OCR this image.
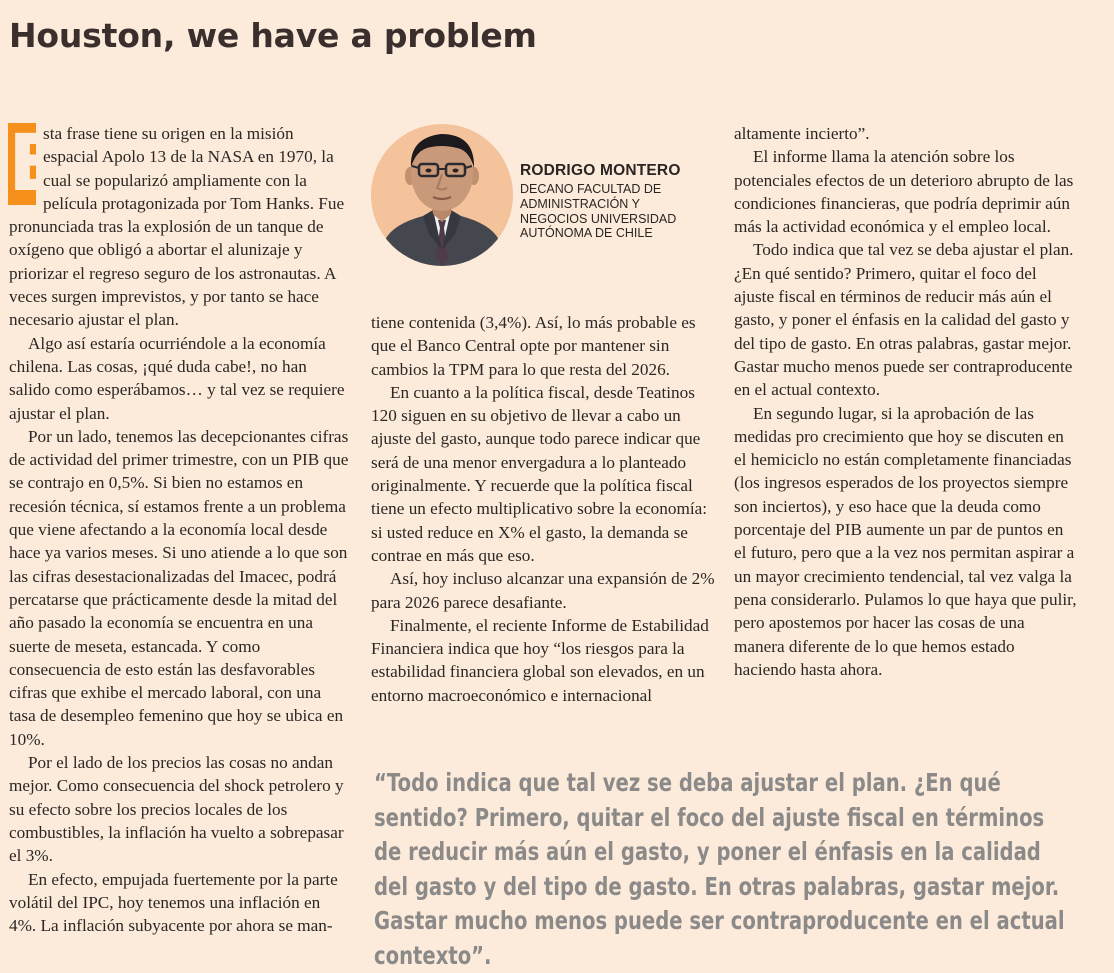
Houston, we have a problem

E
sta frase tiene su origen en la misión espacial Apolo 13 de la NASA en 1970, la cual se popularizó ampliamente con la película protagonizada por Tom Hanks. Fue pronunciada tras la explosión de un tanque de oxígeno que obligó a abortar el alunizaje y priorizar el regreso seguro de los astronautas. A veces surgen imprevistos, y por tanto se hace necesario ajustar el plan.

Algo así estaría ocurriéndole a la economía chilena. Las cosas, ¡qué duda cabe!, no han salido como esperábamos… y tal vez se requiere ajustar el plan.

Por un lado, tenemos las decepcionantes cifras de actividad del primer trimestre, con un PIB que se contrajo en 0,5%. Si bien no estamos en recesión técnica, sí estamos frente a un problema que viene afectando a la economía local desde hace ya varios meses. Si uno atiende a lo que son las cifras desestacionalizadas del Imacec, podrá percatarse que prácticamente desde la mitad del año pasado la economía se encuentra en una suerte de meseta, estancada. Y como consecuencia de esto están las desfavorables cifras que exhibe el mercado laboral, con una tasa de desempleo femenino que hoy se ubica en 10%.

Por el lado de los precios las cosas no andan mejor. Como consecuencia del shock petrolero y su efecto sobre los precios locales de los combustibles, la inflación ha vuelto a sobrepasar el 3%.

En efecto, empujada fuertemente por la parte volátil del IPC, hoy tenemos una inflación en 4%. La inflación subyacente por ahora se man-

RODRIGO MONTERO
DECANO FACULTAD DE ADMINISTRACIÓN Y NEGOCIOS UNIVERSIDAD AUTÓNOMA DE CHILE

tiene contenida (3,4%). Así, lo más probable es que el Banco Central opte por mantener sin cambios la TPM para lo que resta del 2026.

En cuanto a la política fiscal, desde Teatinos 120 siguen en su objetivo de llevar a cabo un ajuste del gasto, aunque todo parece indicar que será de una menor envergadura a lo planteado originalmente. Y recuerde que la política fiscal tiene un efecto multiplicativo sobre la economía: si usted reduce en X% el gasto, la demanda se contrae en más que eso.

Así, hoy incluso alcanzar una expansión de 2% para 2026 parece desafiante.

Finalmente, el reciente Informe de Estabilidad Financiera indica que hoy “los riesgos para la estabilidad financiera global son elevados, en un entorno macroeconómico e internacional

altamente incierto”.

El informe llama la atención sobre los potenciales efectos de un deterioro abrupto de las condiciones financieras, que podría deprimir aún más la actividad económica y el empleo local.

Todo indica que tal vez se deba ajustar el plan. ¿En qué sentido? Primero, quitar el foco del ajuste fiscal en términos de reducir más aún el gasto, y poner el énfasis en la calidad del gasto y del tipo de gasto. En otras palabras, gastar mejor. Gastar mucho menos puede ser contraproducente en el actual contexto.

En segundo lugar, si la aprobación de las medidas pro crecimiento que hoy se discuten en el hemiciclo no están completamente financiadas (los ingresos esperados de los proyectos siempre son inciertos), y eso hace que la deuda como porcentaje del PIB aumente un par de puntos en el futuro, pero que a la vez nos permitan aspirar a un mayor crecimiento tendencial, tal vez valga la pena considerarlo. Pulamos lo que haya que pulir, pero apostemos por hacer las cosas de una manera diferente de lo que hemos estado haciendo hasta ahora.

“Todo indica que tal vez se deba ajustar el plan. ¿En qué sentido? Primero, quitar el foco del ajuste fiscal en términos de reducir más aún el gasto, y poner el énfasis en la calidad del gasto y del tipo de gasto. En otras palabras, gastar mejor. Gastar mucho menos puede ser contraproducente en el actual contexto”.
